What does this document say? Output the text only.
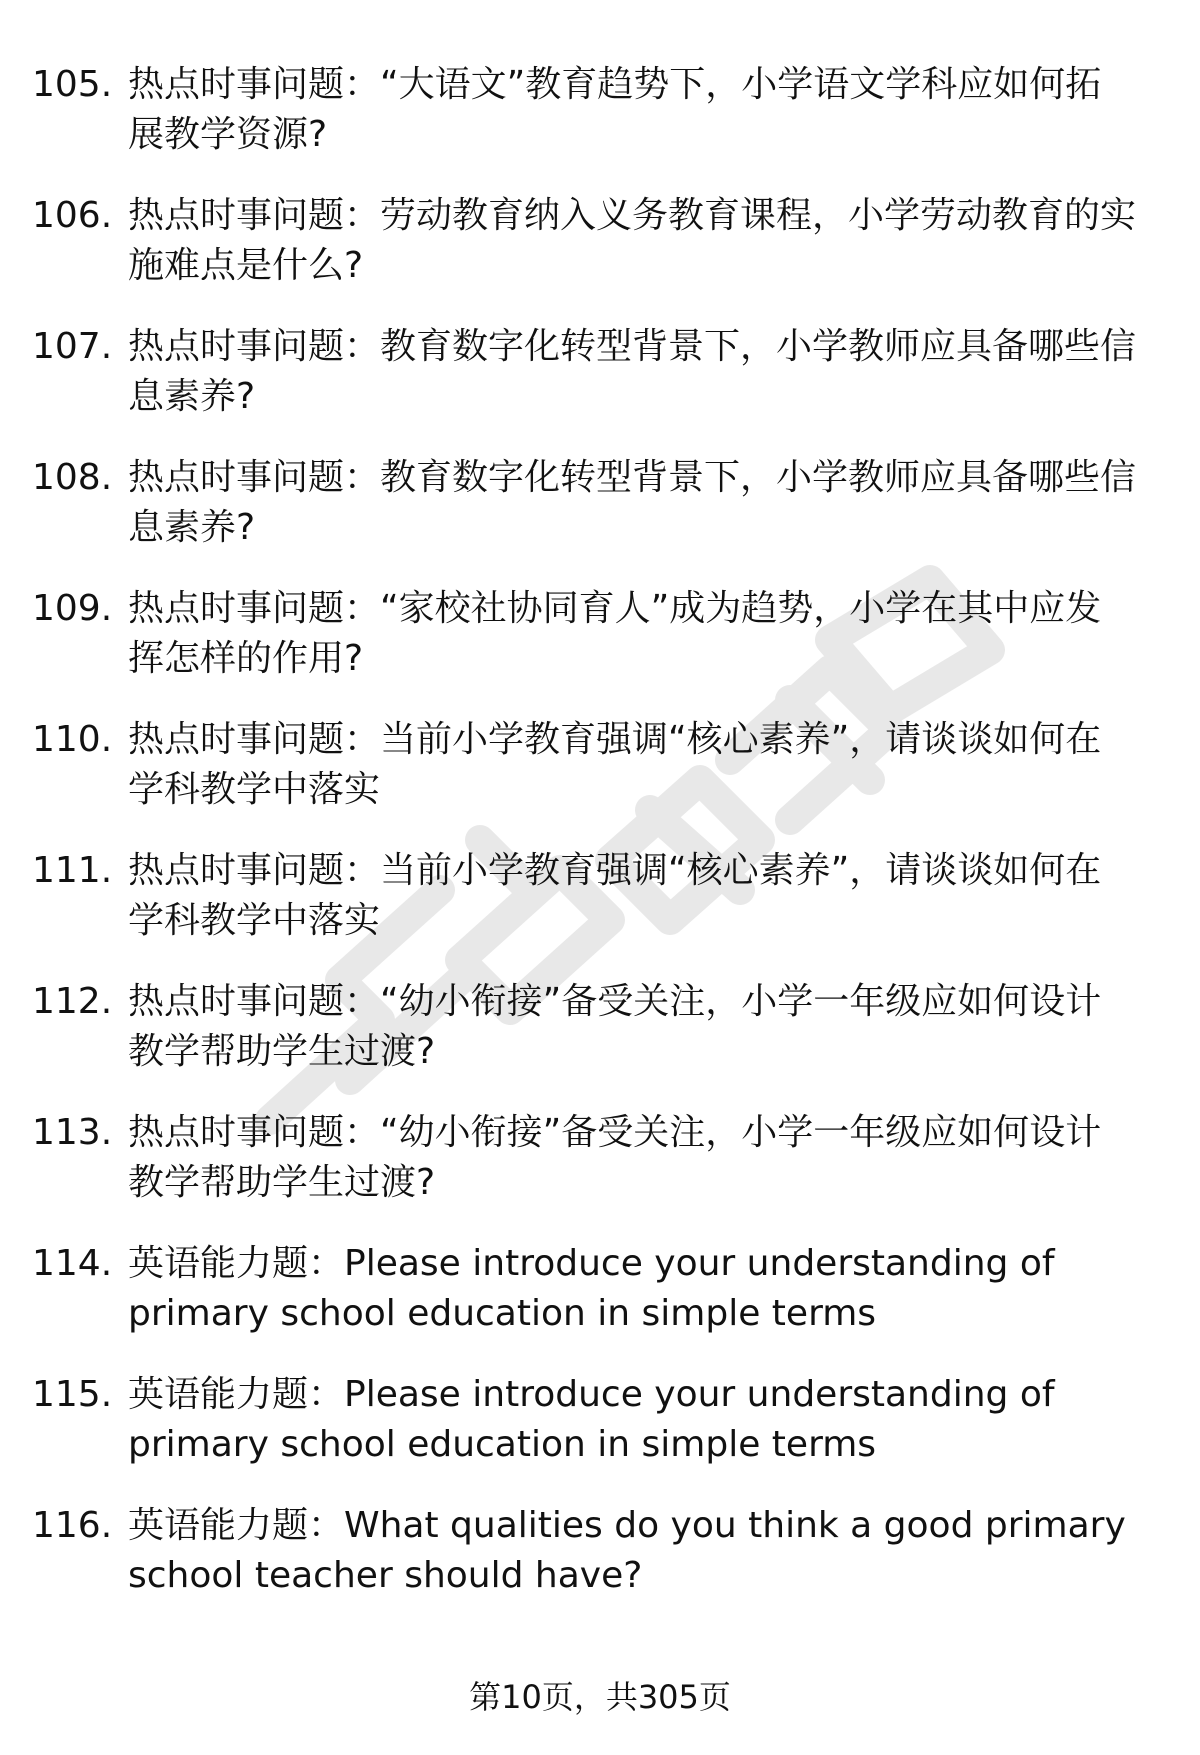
105. 热点时事问题：“大语文”教育趋势下，小学语文学科应如何拓
展教学资源?
106. 热点时事问题：劳动教育纳入义务教育课程，小学劳动教育的实
施难点是什么?
107. 热点时事问题：教育数字化转型背景下，小学教师应具备哪些信
息素养?
108. 热点时事问题：教育数字化转型背景下，小学教师应具备哪些信
息素养?
109. 热点时事问题：“家校社协同育人”成为趋势，小学在其中应发
挥怎样的作用?
110. 热点时事问题：当前小学教育强调“核心素养”，请谈谈如何在
学科教学中落实
111. 热点时事问题：当前小学教育强调“核心素养”，请谈谈如何在
学科教学中落实
112. 热点时事问题：“幼小衔接”备受关注，小学一年级应如何设计
教学帮助学生过渡?
113. 热点时事问题：“幼小衔接”备受关注，小学一年级应如何设计
教学帮助学生过渡?
114. 英语能力题：Please introduce your understanding of
primary school education in simple terms
115. 英语能力题：Please introduce your understanding of
primary school education in simple terms
116. 英语能力题：What qualities do you think a good primary
school teacher should have?
第10页，共305页
